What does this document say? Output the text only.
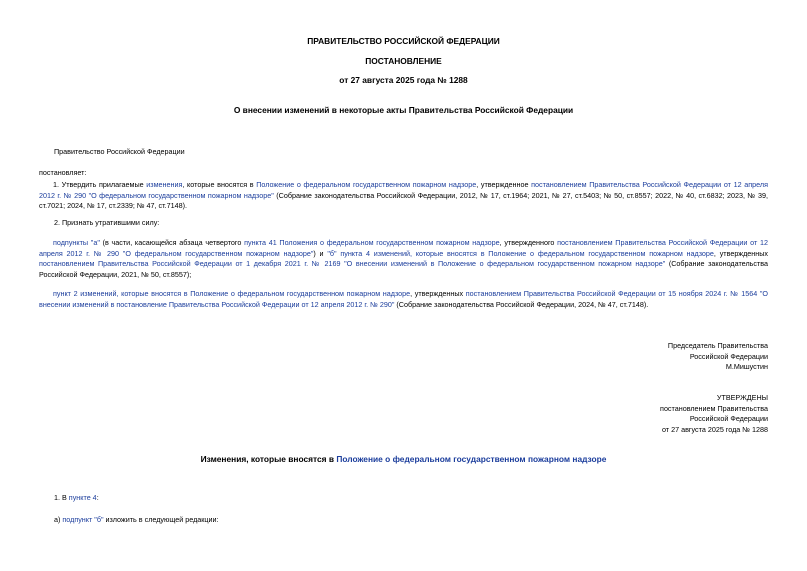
ПРАВИТЕЛЬСТВО РОССИЙСКОЙ ФЕДЕРАЦИИ
ПОСТАНОВЛЕНИЕ
от 27 августа 2025 года № 1288
О внесении изменений в некоторые акты Правительства Российской Федерации
Правительство Российской Федерации
постановляет:

1. Утвердить прилагаемые изменения, которые вносятся в Положение о федеральном государственном пожарном надзоре, утвержденное постановлением Правительства Российской Федерации от 12 апреля 2012 г. № 290 "О федеральном государственном пожарном надзоре" (Собрание законодательства Российской Федерации, 2012, № 17, ст.1964; 2021, № 27, ст.5403; № 50, ст.8557; 2022, № 40, ст.6832; 2023, № 39, ст.7021; 2024, № 17, ст.2339; № 47, ст.7148).

2. Признать утратившими силу:

подпункты "а" (в части, касающейся абзаца четвертого пункта 41 Положения о федеральном государственном пожарном надзоре, утвержденного постановлением Правительства Российской Федерации от 12 апреля 2012 г. № 290 "О федеральном государственном пожарном надзоре") и "б" пункта 4 изменений, которые вносятся в Положение о федеральном государственном пожарном надзоре, утвержденных постановлением Правительства Российской Федерации от 1 декабря 2021 г. № 2169 "О внесении изменений в Положение о федеральном государственном пожарном надзоре" (Собрание законодательства Российской Федерации, 2021, № 50, ст.8557);

пункт 2 изменений, которые вносятся в Положение о федеральном государственном пожарном надзоре, утвержденных постановлением Правительства Российской Федерации от 15 ноября 2024 г. № 1564 "О внесении изменений в постановление Правительства Российской Федерации от 12 апреля 2012 г. № 290" (Собрание законодательства Российской Федерации, 2024, № 47, ст.7148).

Председатель Правительства
Российской Федерации
М.Мишустин
УТВЕРЖДЕНЫ
постановлением Правительства
Российской Федерации
от 27 августа 2025 года № 1288
Изменения, которые вносятся в Положение о федеральном государственном пожарном надзоре
1. В пункте 4:
а) подпункт "б" изложить в следующей редакции:
